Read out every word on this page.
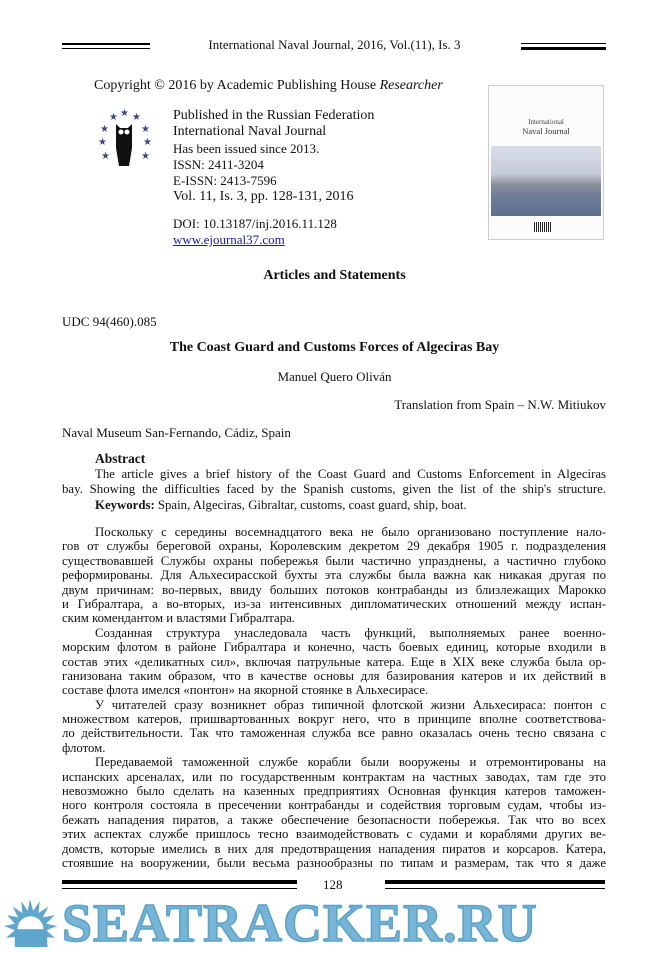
International Naval Journal, 2016, Vol.(11), Is. 3
Copyright © 2016 by Academic Publishing House Researcher
★ ★ ★
★	★
★	★
★	★
Published in the Russian Federation
International Naval Journal
Has been issued since 2013.
ISSN: 2411-3204
E-ISSN: 2413-7596
Vol. 11, Is. 3, pp. 128-131, 2016
DOI: 10.13187/inj.2016.11.128
www.ejournal37.com
International
Naval Journal
Articles and Statements
UDC 94(460).085
The Coast Guard and Customs Forces of Algeciras Bay
Manuel Quero Oliván
Translation from Spain – N.W. Mitiukov
Naval Museum San-Fernando, Cádiz, Spain
Abstract
The article gives a brief history of the Coast Guard and Customs Enforcement in Algeciras
bay. Showing the difficulties faced by the Spanish customs, given the list of the ship's structure.
Keywords: Spain, Algeciras, Gibraltar, customs, coast guard, ship, boat.
Поскольку с середины восемнадцатого века не было организовано поступление нало-
гов от службы береговой охраны, Королевским декретом 29 декабря 1905 г. подразделения
существовавшей Службы охраны побережья были частично упразднены, а частично глубоко
реформированы. Для Альхесирасской бухты эта службы была важна как никакая другая по
двум причинам: во-первых, ввиду больших потоков контрабанды из близлежащих Марокко
и Гибралтара, а во-вторых, из-за интенсивных дипломатических отношений между испан-
ским комендантом и властями Гибралтара.
Созданная структура унаследовала часть функций, выполняемых ранее военно-
морским флотом в районе Гибралтара и конечно, часть боевых единиц, которые входили в
состав этих «деликатных сил», включая патрульные катера. Еще в XIX веке служба была ор-
ганизована таким образом, что в качестве основы для базирования катеров и их действий в
составе флота имелся «понтон» на якорной стоянке в Альхесирасе.
У читателей сразу возникнет образ типичной флотской жизни Альхесираса: понтон с
множеством катеров, пришвартованных вокруг него, что в принципе вполне соответствова-
ло действительности. Так что таможенная служба все равно оказалась очень тесно связана с
флотом.
Передаваемой таможенной службе корабли были вооружены и отремонтированы на
испанских арсеналах, или по государственным контрактам на частных заводах, там где это
невозможно было сделать на казенных предприятиях Основная функция катеров таможен-
ного контроля состояла в пресечении контрабанды и содействия торговым судам, чтобы из-
бежать нападения пиратов, а также обеспечение безопасности побережья. Так что во всех
этих аспектах службе пришлось тесно взаимодействовать с судами и кораблями других ве-
домств, которые имелись в них для предотвращения нападения пиратов и корсаров. Катера,
стоявшие на вооружении, были весьма разнообразны по типам и размерам, так что я даже
128
SEATRACKER.RU
